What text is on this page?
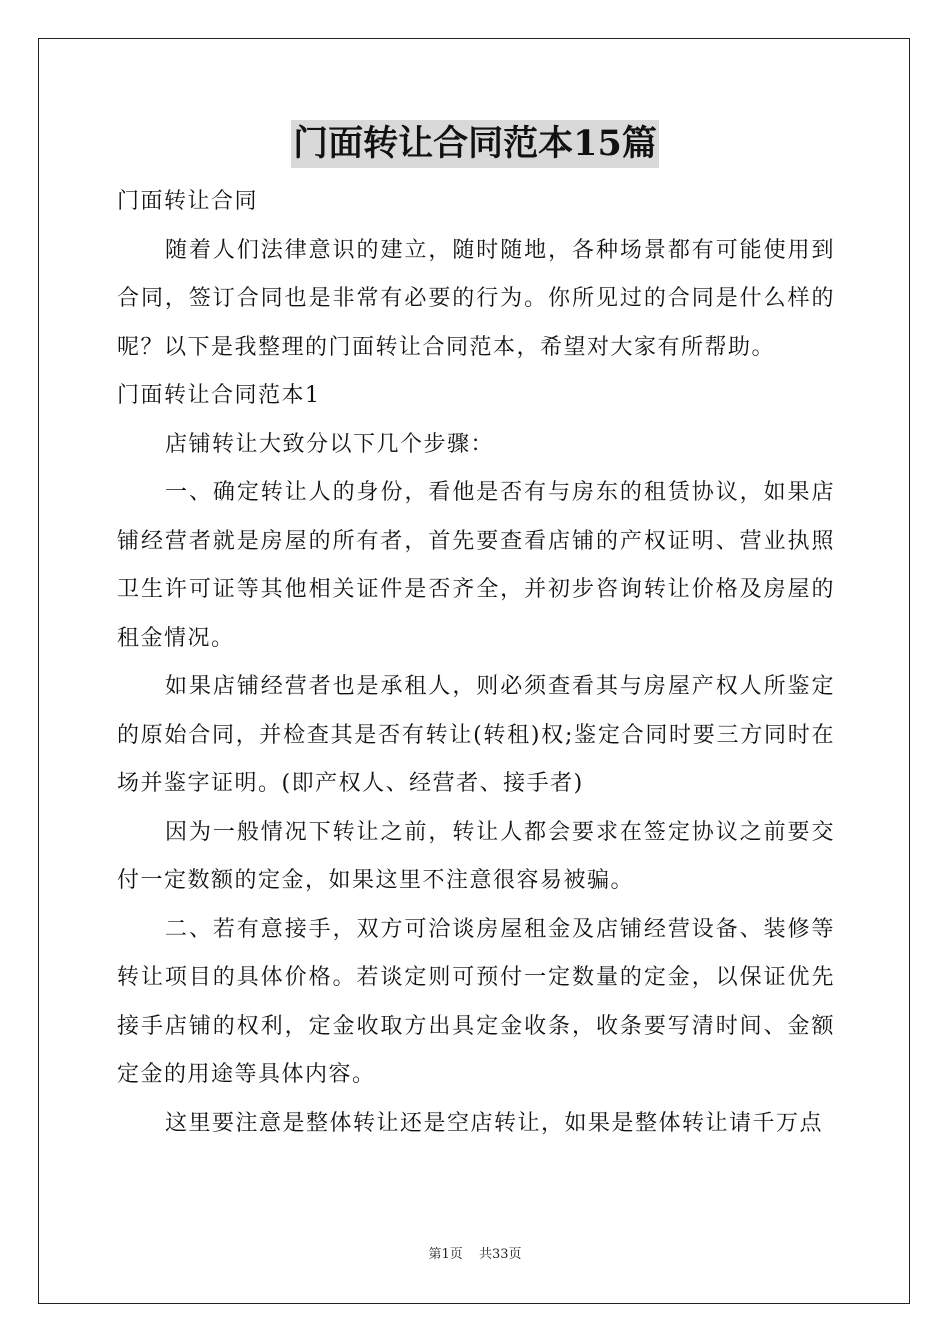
门面转让合同范本15篇
门面转让合同

随着人们法律意识的建立，随时随地，各种场景都有可能使用到合同，签订合同也是非常有必要的行为。你所见过的合同是什么样的呢？以下是我整理的门面转让合同范本，希望对大家有所帮助。

门面转让合同范本1

店铺转让大致分以下几个步骤：

一、确定转让人的身份，看他是否有与房东的租赁协议，如果店铺经营者就是房屋的所有者，首先要查看店铺的产权证明、营业执照卫生许可证等其他相关证件是否齐全，并初步咨询转让价格及房屋的租金情况。

如果店铺经营者也是承租人，则必须查看其与房屋产权人所鉴定的原始合同，并检查其是否有转让(转租)权;鉴定合同时要三方同时在场并鉴字证明。(即产权人、经营者、接手者)

因为一般情况下转让之前，转让人都会要求在签定协议之前要交付一定数额的定金，如果这里不注意很容易被骗。

二、若有意接手，双方可洽谈房屋租金及店铺经营设备、装修等转让项目的具体价格。若谈定则可预付一定数量的定金，以保证优先接手店铺的权利，定金收取方出具定金收条，收条要写清时间、金额定金的用途等具体内容。

这里要注意是整体转让还是空店转让，如果是整体转让请千万点

第1页 共33页
